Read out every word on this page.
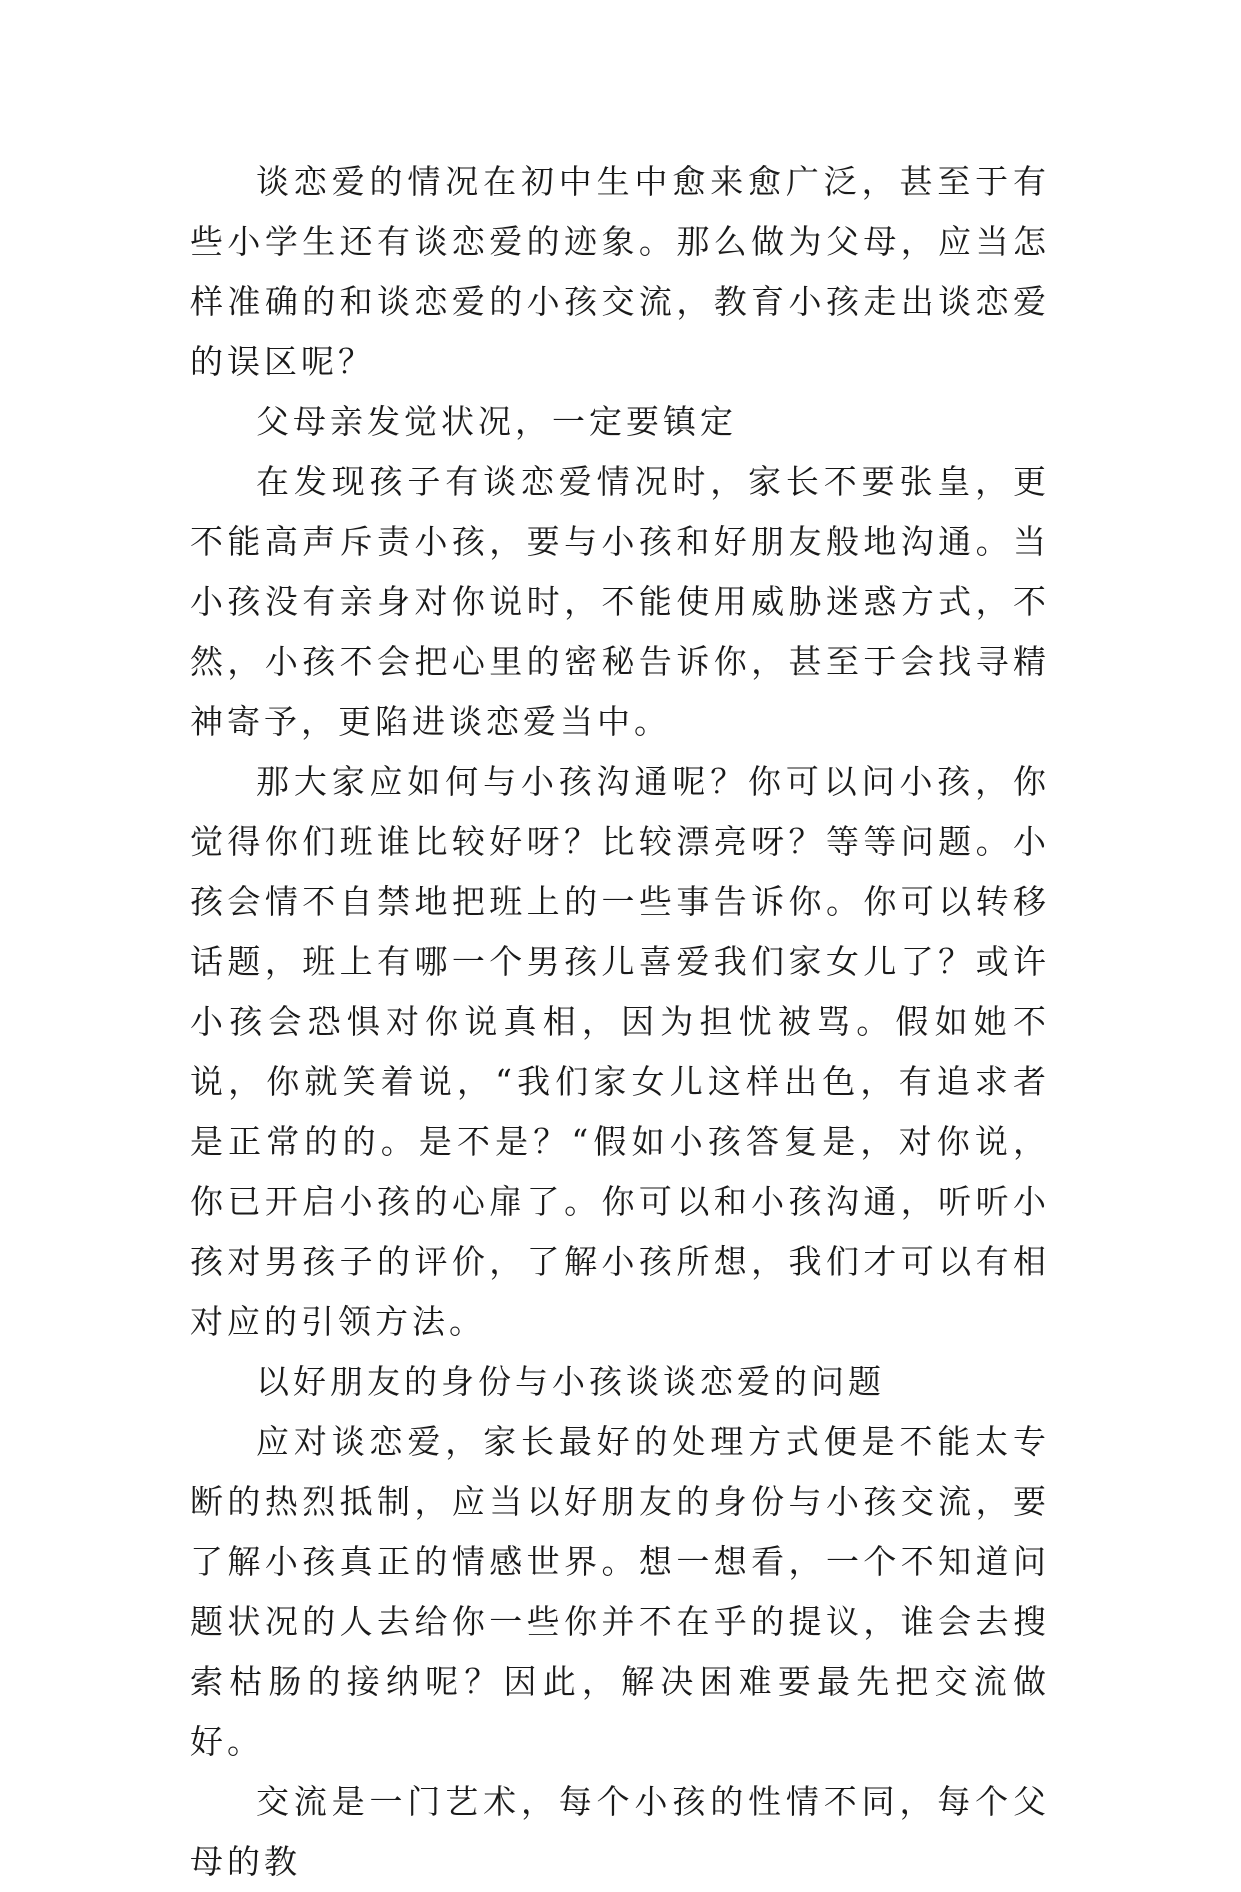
谈恋爱的情况在初中生中愈来愈广泛，甚至于有些小学生还有谈恋爱的迹象。那么做为父母，应当怎样准确的和谈恋爱的小孩交流，教育小孩走出谈恋爱的误区呢？

父母亲发觉状况，一定要镇定

在发现孩子有谈恋爱情况时，家长不要张皇，更不能高声斥责小孩，要与小孩和好朋友般地沟通。当小孩没有亲身对你说时，不能使用威胁迷惑方式，不然，小孩不会把心里的密秘告诉你，甚至于会找寻精神寄予，更陷进谈恋爱当中。

那大家应如何与小孩沟通呢？你可以问小孩，你觉得你们班谁比较好呀？比较漂亮呀？等等问题。小孩会情不自禁地把班上的一些事告诉你。你可以转移话题，班上有哪一个男孩儿喜爱我们家女儿了？或许小孩会恐惧对你说真相，因为担忧被骂。假如她不说，你就笑着说，“我们家女儿这样出色，有追求者是正常的的。是不是？“假如小孩答复是，对你说，你已开启小孩的心扉了。你可以和小孩沟通，听听小孩对男孩子的评价，了解小孩所想，我们才可以有相对应的引领方法。

以好朋友的身份与小孩谈谈恋爱的问题

应对谈恋爱，家长最好的处理方式便是不能太专断的热烈抵制，应当以好朋友的身份与小孩交流，要了解小孩真正的情感世界。想一想看，一个不知道问题状况的人去给你一些你并不在乎的提议，谁会去搜索枯肠的接纳呢？因此，解决困难要最先把交流做好。

交流是一门艺术，每个小孩的性情不同，每个父母的教
